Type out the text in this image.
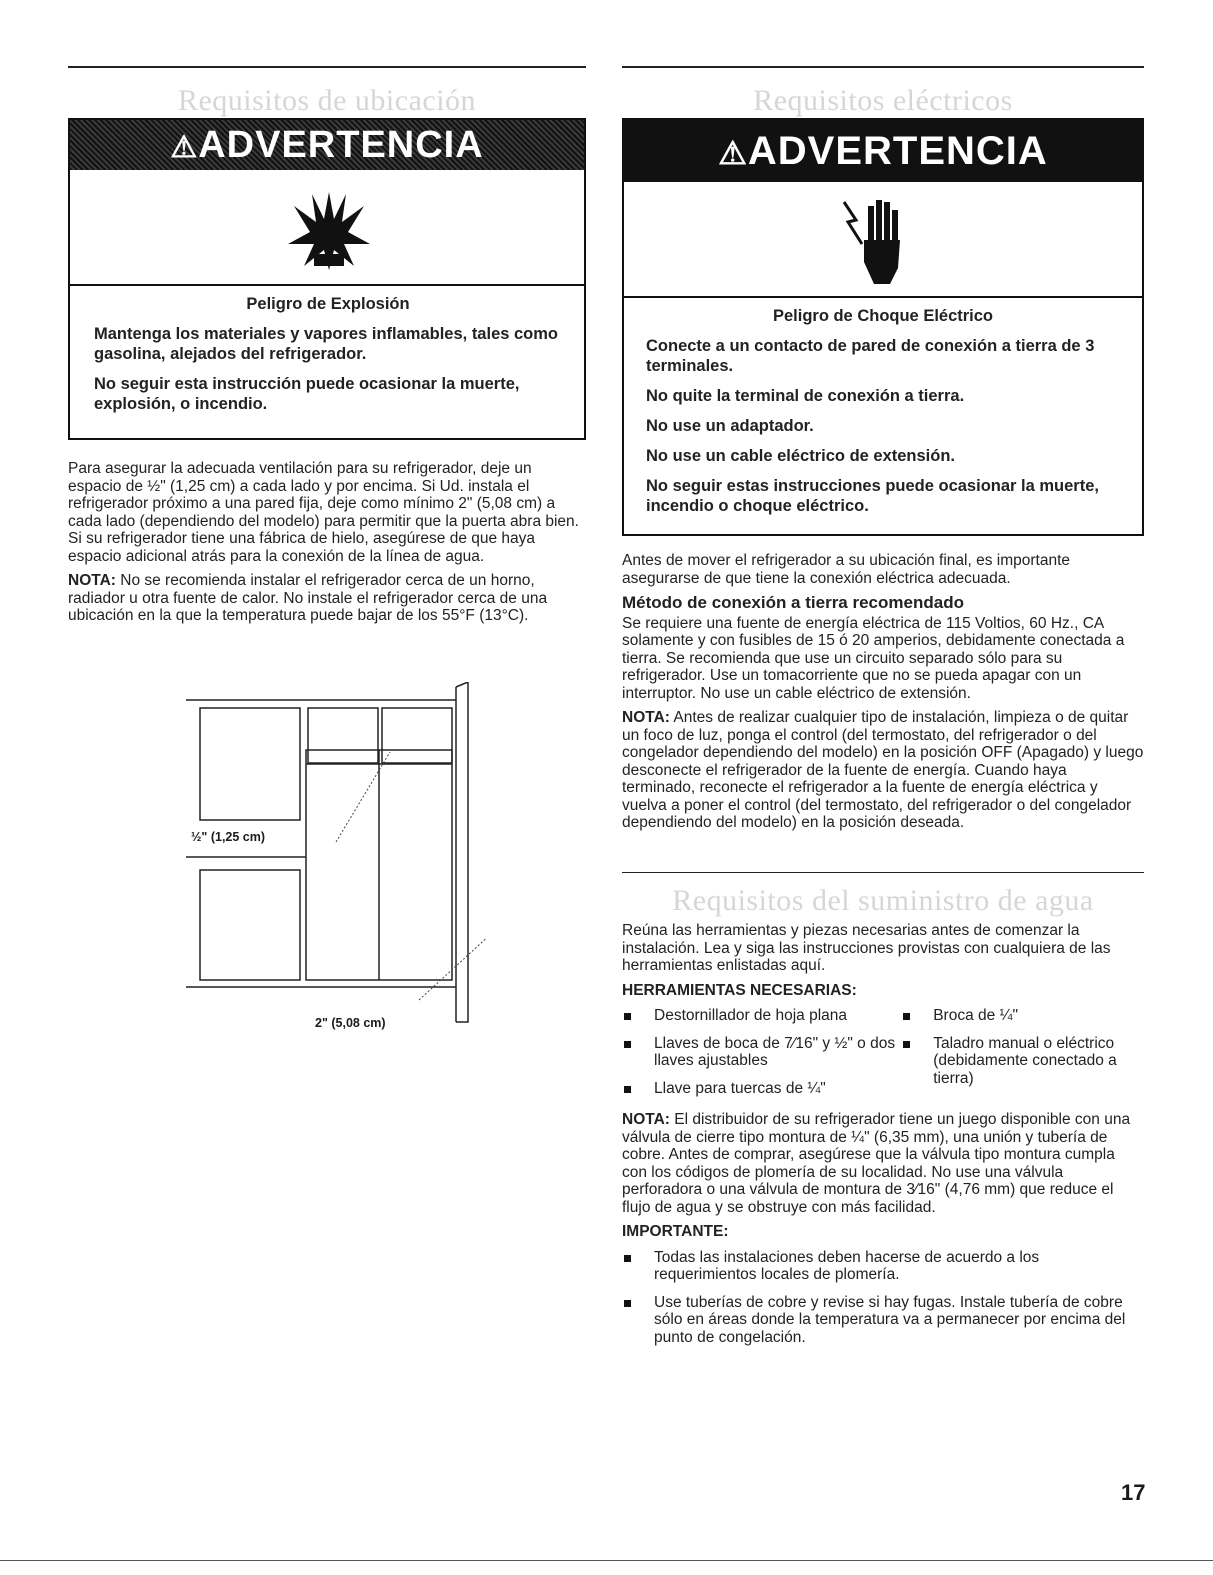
Requisitos de ubicación
⚠ADVERTENCIA
Peligro de Explosión

Mantenga los materiales y vapores inflamables, tales como gasolina, alejados del refrigerador.

No seguir esta instrucción puede ocasionar la muerte, explosión, o incendio.

Para asegurar la adecuada ventilación para su refrigerador, deje un espacio de ½" (1,25 cm) a cada lado y por encima. Si Ud. instala el refrigerador próximo a una pared fija, deje como mínimo 2" (5,08 cm) a cada lado (dependiendo del modelo) para permitir que la puerta abra bien. Si su refrigerador tiene una fábrica de hielo, asegúrese de que haya espacio adicional atrás para la conexión de la línea de agua.

NOTA: No se recomienda instalar el refrigerador cerca de un horno, radiador u otra fuente de calor. No instale el refrigerador cerca de una ubicación en la que la temperatura puede bajar de los 55°F (13°C).

½" (1,25 cm)
2" (5,08 cm)
Requisitos eléctricos
⚠ADVERTENCIA
Peligro de Choque Eléctrico

Conecte a un contacto de pared de conexión a tierra de 3 terminales.

No quite la terminal de conexión a tierra.

No use un adaptador.

No use un cable eléctrico de extensión.

No seguir estas instrucciones puede ocasionar la muerte, incendio o choque eléctrico.

Antes de mover el refrigerador a su ubicación final, es importante asegurarse de que tiene la conexión eléctrica adecuada.

Método de conexión a tierra recomendado

Se requiere una fuente de energía eléctrica de 115 Voltios, 60 Hz., CA solamente y con fusibles de 15 ó 20 amperios, debidamente conectada a tierra. Se recomienda que use un circuito separado sólo para su refrigerador. Use un tomacorriente que no se pueda apagar con un interruptor. No use un cable eléctrico de extensión.

NOTA: Antes de realizar cualquier tipo de instalación, limpieza o de quitar un foco de luz, ponga el control (del termostato, del refrigerador o del congelador dependiendo del modelo) en la posición OFF (Apagado) y luego desconecte el refrigerador de la fuente de energía. Cuando haya terminado, reconecte el refrigerador a la fuente de energía eléctrica y vuelva a poner el control (del termostato, del refrigerador o del congelador dependiendo del modelo) en la posición deseada.

Requisitos del suministro de agua

Reúna las herramientas y piezas necesarias antes de comenzar la instalación. Lea y siga las instrucciones provistas con cualquiera de las herramientas enlistadas aquí.

HERRAMIENTAS NECESARIAS:
Destornillador de hoja plana
Llaves de boca de 7⁄16" y ½" o dos llaves ajustables
Llave para tuercas de ¼"
Broca de ¼"
Taladro manual o eléctrico (debidamente conectado a tierra)

NOTA: El distribuidor de su refrigerador tiene un juego disponible con una válvula de cierre tipo montura de ¼" (6,35 mm), una unión y tubería de cobre. Antes de comprar, asegúrese que la válvula tipo montura cumpla con los códigos de plomería de su localidad. No use una válvula perforadora o una válvula de montura de 3⁄16" (4,76 mm) que reduce el flujo de agua y se obstruye con más facilidad.

IMPORTANTE:
Todas las instalaciones deben hacerse de acuerdo a los requerimientos locales de plomería.
Use tuberías de cobre y revise si hay fugas. Instale tubería de cobre sólo en áreas donde la temperatura va a permanecer por encima del punto de congelación.
17
